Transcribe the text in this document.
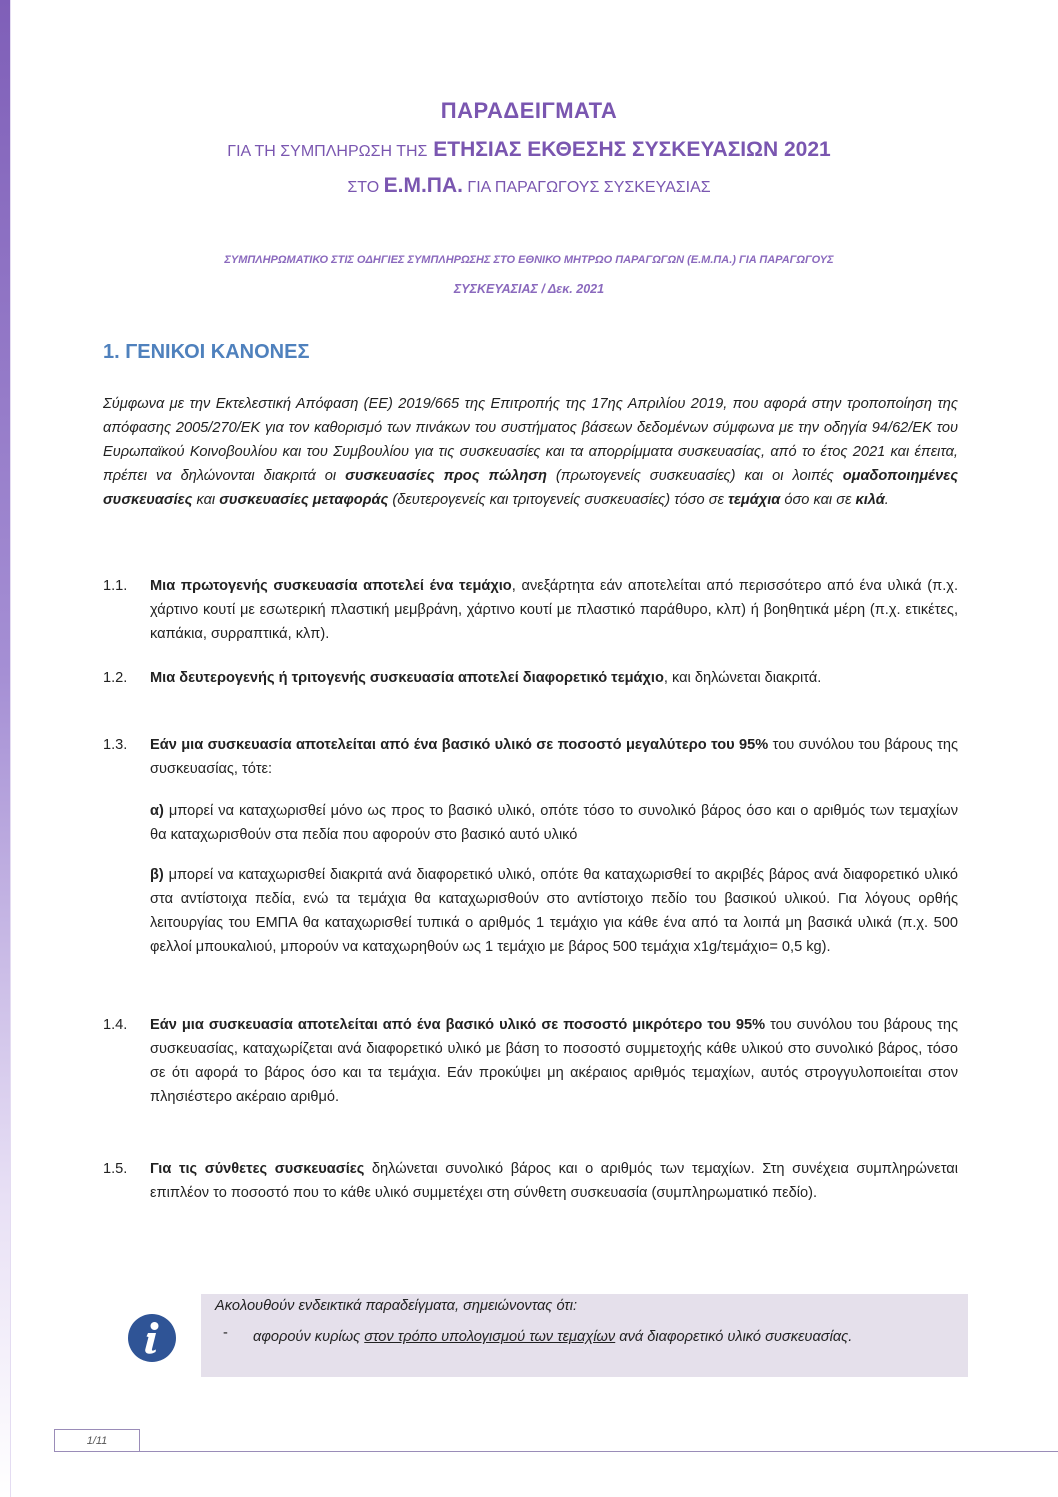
ΠΑΡΑΔΕΙΓΜΑΤΑ
ΓΙΑ ΤΗ ΣΥΜΠΛΗΡΩΣΗ ΤΗΣ ΕΤΗΣΙΑΣ ΕΚΘΕΣΗΣ ΣΥΣΚΕΥΑΣΙΩΝ 2021
ΣΤΟ Ε.Μ.ΠΑ. ΓΙΑ ΠΑΡΑΓΩΓΟΥΣ ΣΥΣΚΕΥΑΣΙΑΣ
ΣΥΜΠΛΗΡΩΜΑΤΙΚΟ ΣΤΙΣ ΟΔΗΓΙΕΣ ΣΥΜΠΛΗΡΩΣΗΣ ΣΤΟ ΕΘΝΙΚΟ ΜΗΤΡΩΟ ΠΑΡΑΓΩΓΩΝ (Ε.Μ.ΠΑ.) ΓΙΑ ΠΑΡΑΓΩΓΟΥΣ
ΣΥΣΚΕΥΑΣΙΑΣ / Δεκ. 2021
1. ΓΕΝΙΚΟΙ ΚΑΝΟΝΕΣ
Σύμφωνα με την Εκτελεστική Απόφαση (ΕΕ) 2019/665 της Επιτροπής της 17ης Απριλίου 2019, που αφορά στην τροποποίηση της απόφασης 2005/270/ΕΚ για τον καθορισμό των πινάκων του συστήματος βάσεων δεδομένων σύμφωνα με την οδηγία 94/62/ΕΚ του Ευρωπαϊκού Κοινοβουλίου και του Συμβουλίου για τις συσκευασίες και τα απορρίμματα συσκευασίας, από το έτος 2021 και έπειτα, πρέπει να δηλώνονται διακριτά οι συσκευασίες προς πώληση (πρωτογενείς συσκευασίες) και οι λοιπές ομαδοποιημένες συσκευασίες και συσκευασίες μεταφοράς (δευτερογενείς και τριτογενείς συσκευασίες) τόσο σε τεμάχια όσο και σε κιλά.
1.1.	Μια πρωτογενής συσκευασία αποτελεί ένα τεμάχιο, ανεξάρτητα εάν αποτελείται από περισσότερο από ένα υλικά (π.χ. χάρτινο κουτί με εσωτερική πλαστική μεμβράνη, χάρτινο κουτί με πλαστικό παράθυρο, κλπ) ή βοηθητικά μέρη (π.χ. ετικέτες, καπάκια, συρραπτικά, κλπ).
1.2.	Μια δευτερογενής ή τριτογενής συσκευασία αποτελεί διαφορετικό τεμάχιο, και δηλώνεται διακριτά.
1.3.	Εάν μια συσκευασία αποτελείται από ένα βασικό υλικό σε ποσοστό μεγαλύτερο του 95% του συνόλου του βάρους της συσκευασίας, τότε:
α) μπορεί να καταχωρισθεί μόνο ως προς το βασικό υλικό, οπότε τόσο το συνολικό βάρος όσο και ο αριθμός των τεμαχίων θα καταχωρισθούν στα πεδία που αφορούν στο βασικό αυτό υλικό
β) μπορεί να καταχωρισθεί διακριτά ανά διαφορετικό υλικό, οπότε θα καταχωρισθεί το ακριβές βάρος ανά διαφορετικό υλικό στα αντίστοιχα πεδία, ενώ τα τεμάχια θα καταχωρισθούν στο αντίστοιχο πεδίο του βασικού υλικού. Για λόγους ορθής λειτουργίας του ΕΜΠΑ θα καταχωρισθεί τυπικά ο αριθμός 1 τεμάχιο για κάθε ένα από τα λοιπά μη βασικά υλικά (π.χ. 500 φελλοί μπουκαλιού, μπορούν να καταχωρηθούν ως 1 τεμάχιο με βάρος 500 τεμάχια x1g/τεμάχιο= 0,5 kg).
1.4.	Εάν μια συσκευασία αποτελείται από ένα βασικό υλικό σε ποσοστό μικρότερο του 95% του συνόλου του βάρους της συσκευασίας, καταχωρίζεται ανά διαφορετικό υλικό με βάση το ποσοστό συμμετοχής κάθε υλικού στο συνολικό βάρος, τόσο σε ότι αφορά το βάρος όσο και τα τεμάχια. Εάν προκύψει μη ακέραιος αριθμός τεμαχίων, αυτός στρογγυλοποιείται στον πλησιέστερο ακέραιο αριθμό.
1.5.	Για τις σύνθετες συσκευασίες δηλώνεται συνολικό βάρος και ο αριθμός των τεμαχίων. Στη συνέχεια συμπληρώνεται επιπλέον το ποσοστό που το κάθε υλικό συμμετέχει στη σύνθετη συσκευασία (συμπληρωματικό πεδίο).
Ακολουθούν ενδεικτικά παραδείγματα, σημειώνοντας ότι:
- αφορούν κυρίως στον τρόπο υπολογισμού των τεμαχίων ανά διαφορετικό υλικό συσκευασίας.
1/11
